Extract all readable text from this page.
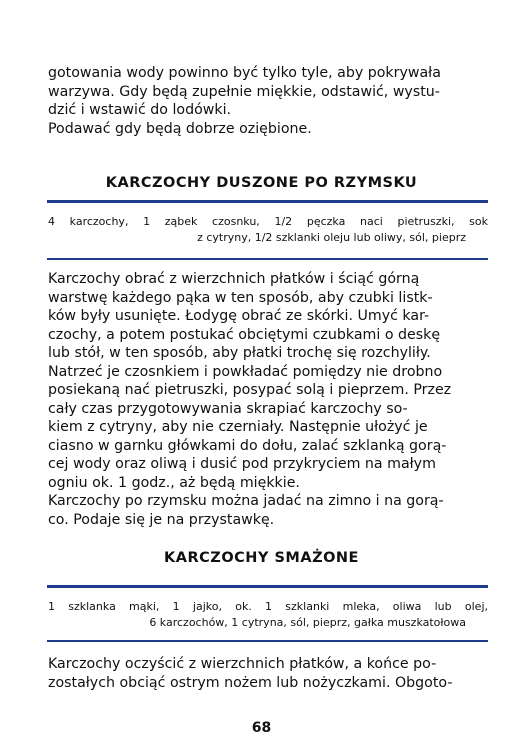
gotowania wody powinno być tylko tyle, aby pokrywała
warzywa. Gdy będą zupełnie miękkie, odstawić, wystu-
dzić i wstawić do lodówki.
Podawać gdy będą dobrze oziębione.

KARCZOCHY DUSZONE PO RZYMSKU

4 karczochy, 1 ząbek czosnku, 1/2 pęczka naci pietruszki, sok
z cytryny, 1/2 szklanki oleju lub oliwy, sól, pieprz

Karczochy obrać z wierzchnich płatków i ściąć górną
warstwę każdego pąka w ten sposób, aby czubki listk-
ków były usunięte. Łodygę obrać ze skórki. Umyć kar-
czochy, a potem postukać obciętymi czubkami o deskę
lub stół, w ten sposób, aby płatki trochę się rozchyliły.
Natrzeć je czosnkiem i powkładać pomiędzy nie drobno
posiekaną nać pietruszki, posypać solą i pieprzem. Przez
cały czas przygotowywania skrapiać karczochy so-
kiem z cytryny, aby nie czerniały. Następnie ułożyć je
ciasno w garnku główkami do dołu, zalać szklanką gorą-
cej wody oraz oliwą i dusić pod przykryciem na małym
ogniu ok. 1 godz., aż będą miękkie.
Karczochy po rzymsku można jadać na zimno i na gorą-
co. Podaje się je na przystawkę.

KARCZOCHY SMAŻONE

1 szklanka mąki, 1 jajko, ok. 1 szklanki mleka, oliwa lub olej,
6 karczochów, 1 cytryna, sól, pieprz, gałka muszkatołowa

Karczochy oczyścić z wierzchnich płatków, a końce po-
zostałych obciąć ostrym nożem lub nożyczkami. Obgoto-

68
